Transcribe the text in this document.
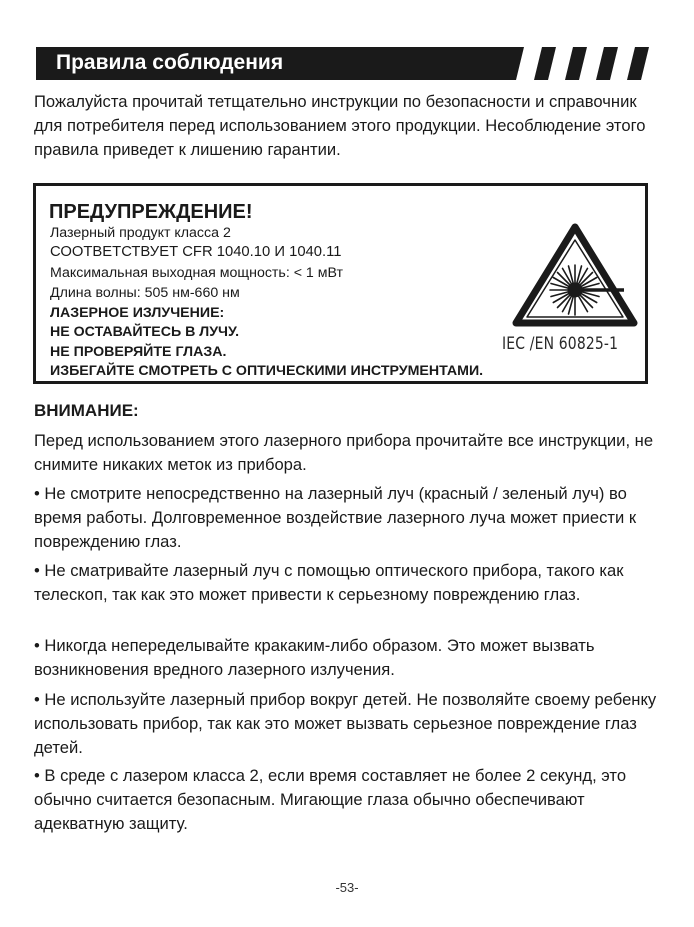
Правила соблюдения

Пожалуйста прочитай тетщательно инструкции по безопасности и справочник для потребителя перед использованием этого продукции. Несоблюдение этого правила приведет к лишению гарантии.

ПРЕДУПРЕЖДЕНИЕ!
Лазерный продукт класса 2
СООТВЕТСТВУЕТ CFR 1040.10 И 1040.11
Максимальная выходная мощность: < 1 мВт
Длина волны: 505 нм-660 нм
ЛАЗЕРНОЕ ИЗЛУЧЕНИЕ:
НЕ ОСТАВАЙТЕСЬ В ЛУЧУ.
НЕ ПРОВЕРЯЙТЕ ГЛАЗА.
ИЗБЕГАЙТЕ СМОТРЕТЬ С ОПТИЧЕСКИМИ ИНСТРУМЕНТАМИ.
IEC /EN 60825-1
ВНИМАНИЕ:

Перед использованием этого лазерного прибора прочитайте все инструкции, не снимите никаких меток из прибора.

• Не смотрите непосредственно на лазерный луч (красный / зеленый луч) во время работы. Долговременное воздействие лазерного луча может приести к повреждению глаз.

• Не сматривайте лазерный луч с помощью оптического прибора, такого как телескоп, так как это может привести к серьезному повреждению глаз.

• Никогда непеределывайте кракаким-либо образом. Это может вызвать возникновения вредного лазерного излучения.

• Не используйте лазерный прибор вокруг детей. Не позволяйте своему ребенку использовать прибор, так как это может вызвать серьезное повреждение глаз детей.

• В среде с лазером класса 2, если время составляет не более 2 секунд, это обычно считается безопасным. Мигающие глаза обычно обеспечивают адекватную защиту.

-53-
